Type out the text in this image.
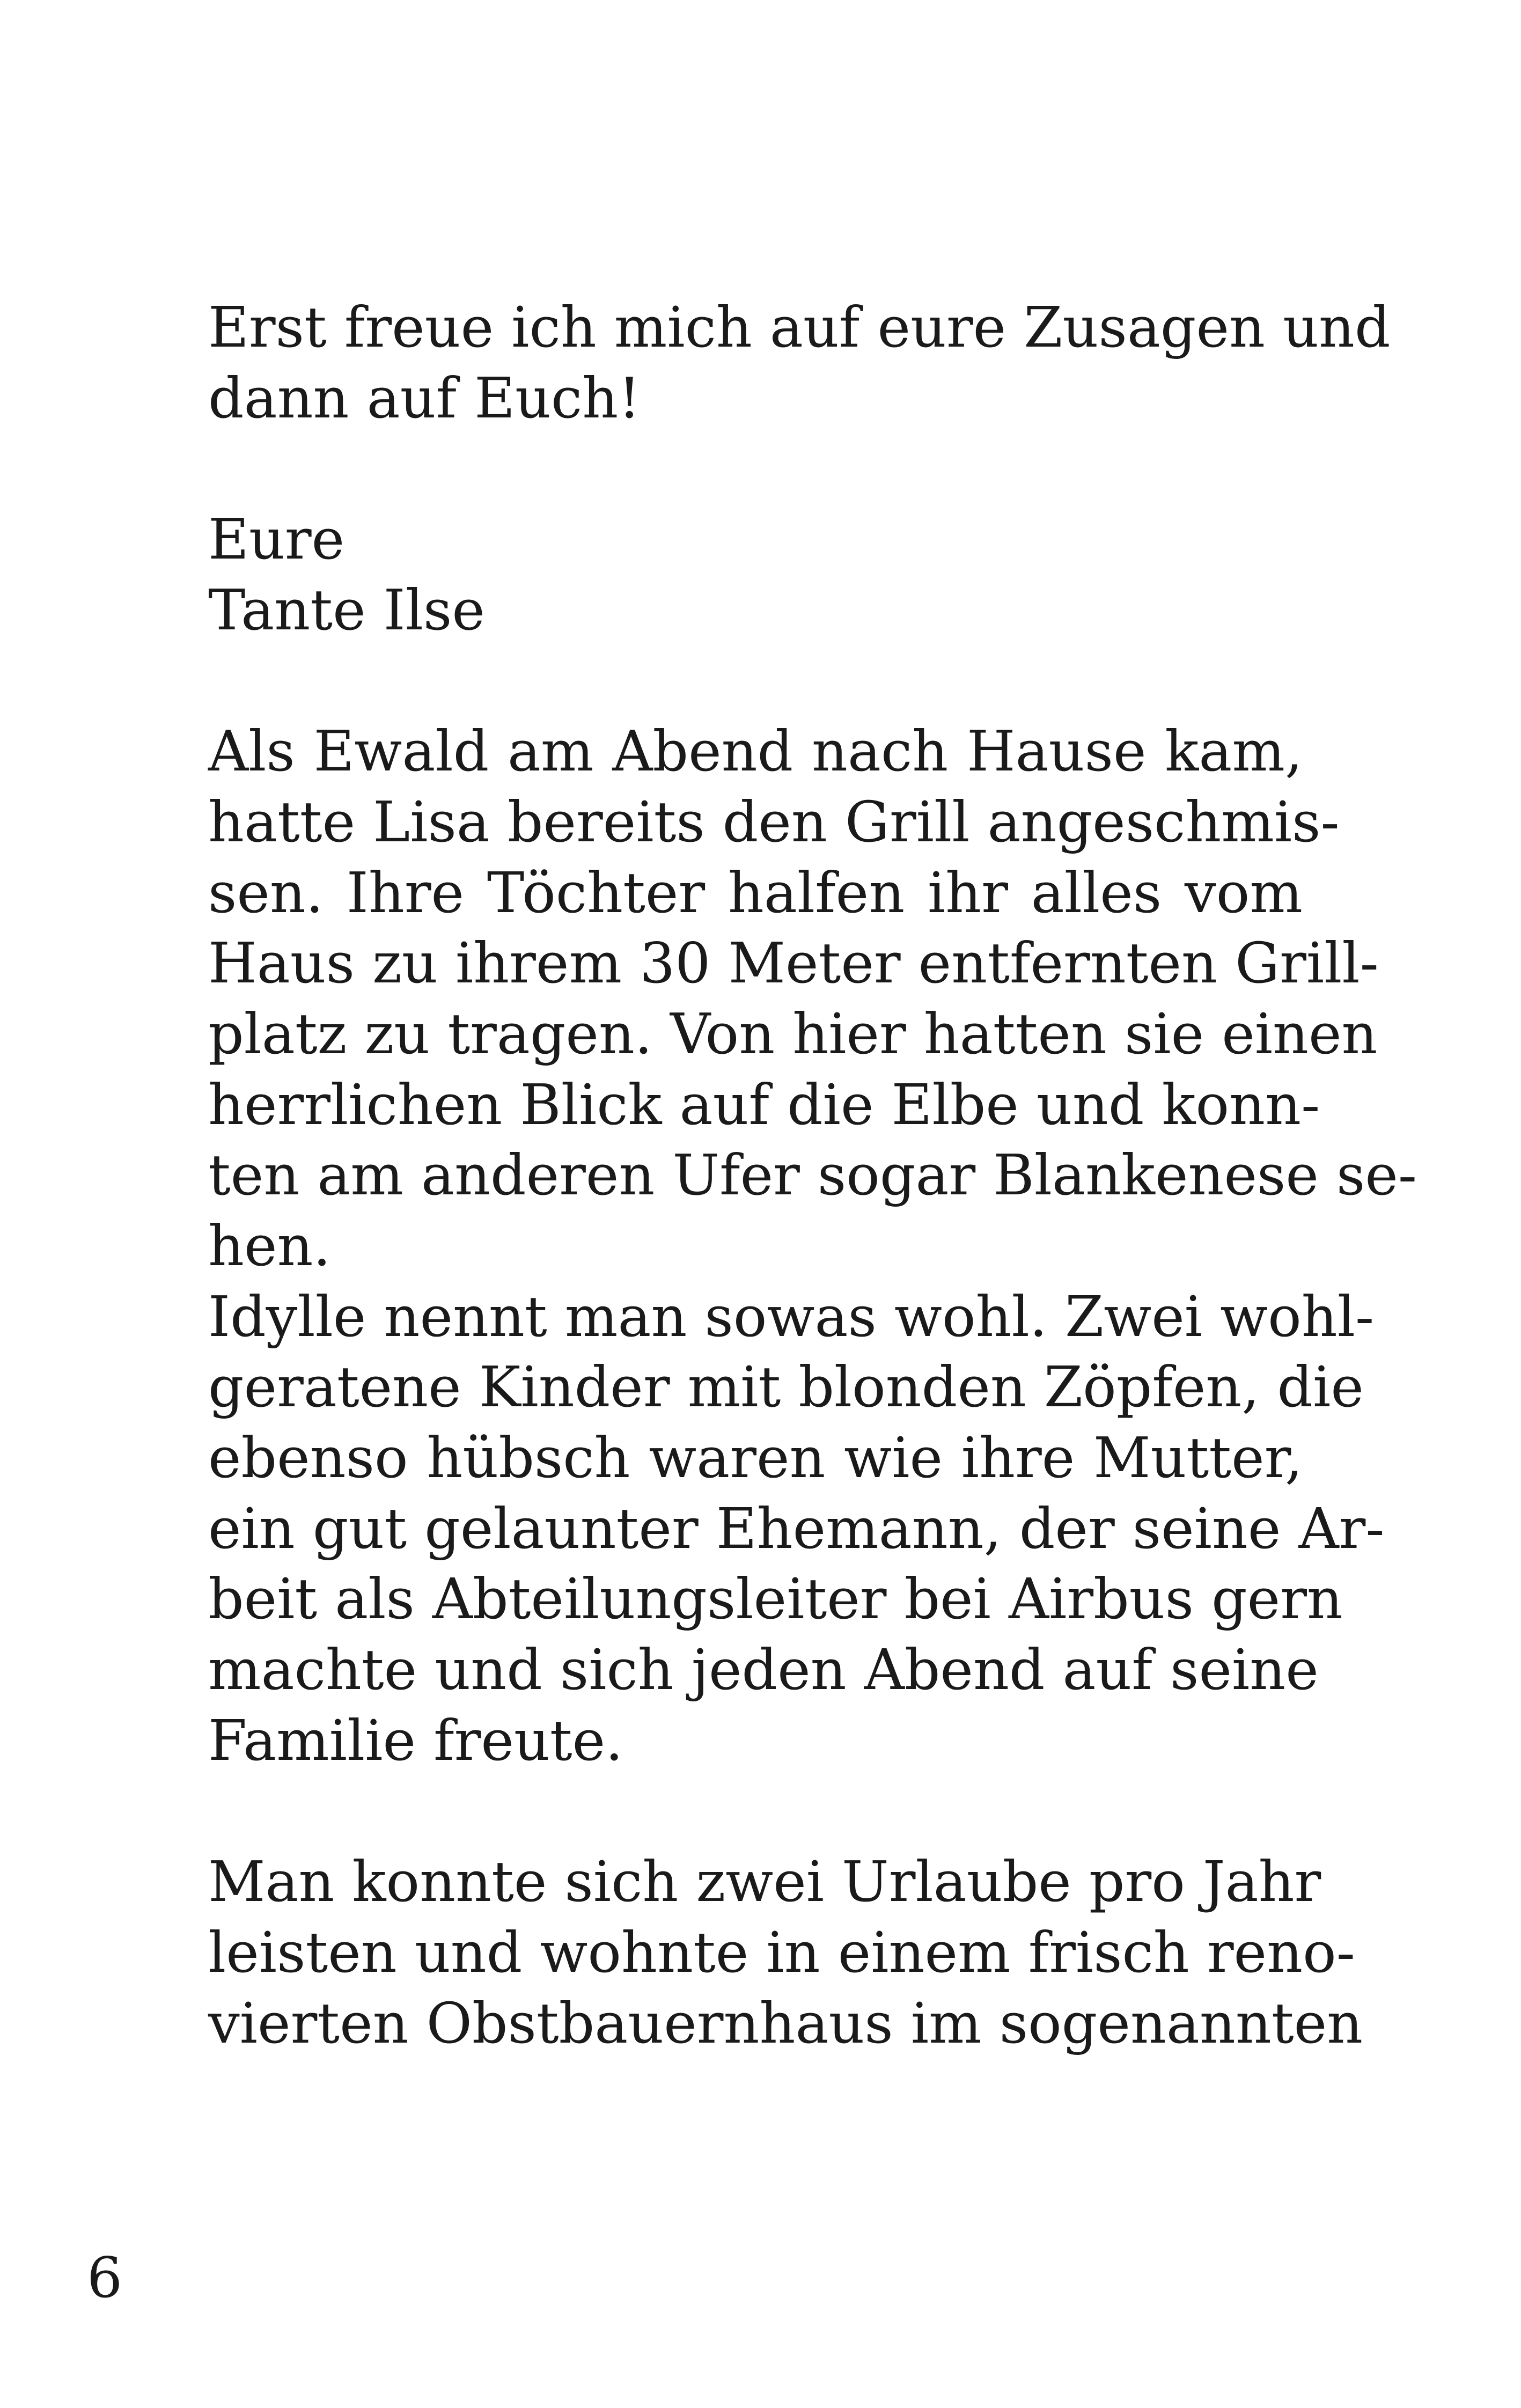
Erst freue ich mich auf eure Zusagen und
dann auf Euch!
Eure
Tante Ilse
Als Ewald am Abend nach Hause kam,
hatte Lisa bereits den Grill angeschmis-
sen. Ihre Töchter halfen ihr alles vom
Haus zu ihrem 30 Meter entfernten Grill-
platz zu tragen. Von hier hatten sie einen
herrlichen Blick auf die Elbe und konn-
ten am anderen Ufer sogar Blankenese se-
hen.
Idylle nennt man sowas wohl. Zwei wohl-
geratene Kinder mit blonden Zöpfen, die
ebenso hübsch waren wie ihre Mutter,
ein gut gelaunter Ehemann, der seine Ar-
beit als Abteilungsleiter bei Airbus gern
machte und sich jeden Abend auf seine
Familie freute.
Man konnte sich zwei Urlaube pro Jahr
leisten und wohnte in einem frisch reno-
vierten Obstbauernhaus im sogenannten
6
